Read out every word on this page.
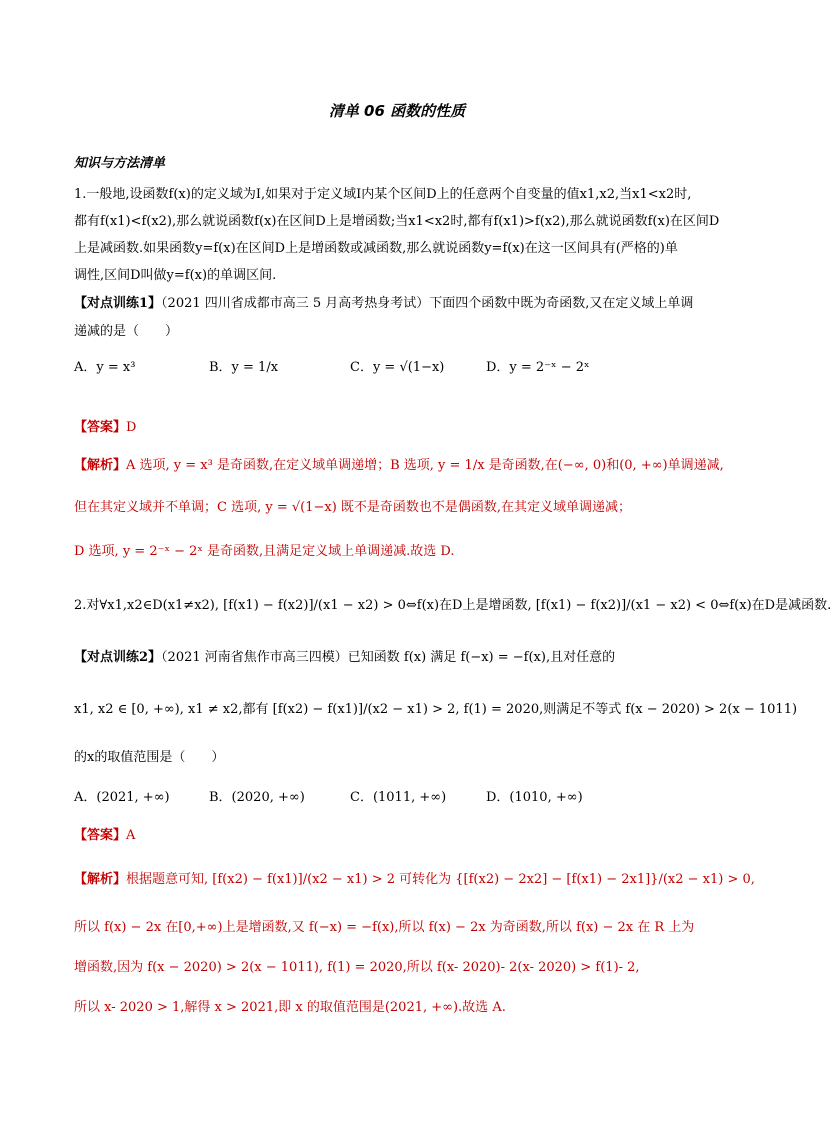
清单 06 函数的性质
知识与方法清单
1.一般地,设函数f(x)的定义域为I,如果对于定义域I内某个区间D上的任意两个自变量的值x1,x2,当x1<x2时,
都有f(x1)<f(x2),那么就说函数f(x)在区间D上是增函数;当x1<x2时,都有f(x1)>f(x2),那么就说函数f(x)在区间D
上是减函数.如果函数y=f(x)在区间D上是增函数或减函数,那么就说函数y=f(x)在这一区间具有(严格的)单
调性,区间D叫做y=f(x)的单调区间.
【对点训练1】（2021 四川省成都市高三 5 月高考热身考试）下面四个函数中既为奇函数,又在定义域上单调
递减的是（　　）
A．y = x³	B．y = 1/x	C．y = √(1−x)	D．y = 2⁻ˣ − 2ˣ
【答案】D
【解析】A 选项, y = x³ 是奇函数,在定义域单调递增；B 选项, y = 1/x 是奇函数,在(−∞, 0)和(0, +∞)单调递减,
但在其定义域并不单调；C 选项, y = √(1−x) 既不是奇函数也不是偶函数,在其定义域单调递减；
D 选项, y = 2⁻ˣ − 2ˣ 是奇函数,且满足定义域上单调递减.故选 D.
2.对∀x1,x2∈D(x1≠x2), [f(x1) − f(x2)]/(x1 − x2) > 0⇔f(x)在D上是增函数, [f(x1) − f(x2)]/(x1 − x2) < 0⇔f(x)在D是减函数.
【对点训练2】（2021 河南省焦作市高三四模）已知函数 f(x) 满足 f(−x) = −f(x),且对任意的
x1, x2 ∈ [0, +∞), x1 ≠ x2,都有 [f(x2) − f(x1)]/(x2 − x1) > 2, f(1) = 2020,则满足不等式 f(x − 2020) > 2(x − 1011)
的x的取值范围是（　　）
A．(2021, +∞)	B．(2020, +∞)	C．(1011, +∞)	D．(1010, +∞)
【答案】A
【解析】根据题意可知, [f(x2) − f(x1)]/(x2 − x1) > 2 可转化为 {[f(x2) − 2x2] − [f(x1) − 2x1]}/(x2 − x1) > 0,
所以 f(x) − 2x 在[0,+∞)上是增函数,又 f(−x) = −f(x),所以 f(x) − 2x 为奇函数,所以 f(x) − 2x 在 R 上为
增函数,因为 f(x − 2020) > 2(x − 1011), f(1) = 2020,所以 f(x- 2020)- 2(x- 2020) > f(1)- 2,
所以 x- 2020 > 1,解得 x > 2021,即 x 的取值范围是(2021, +∞).故选 A.
